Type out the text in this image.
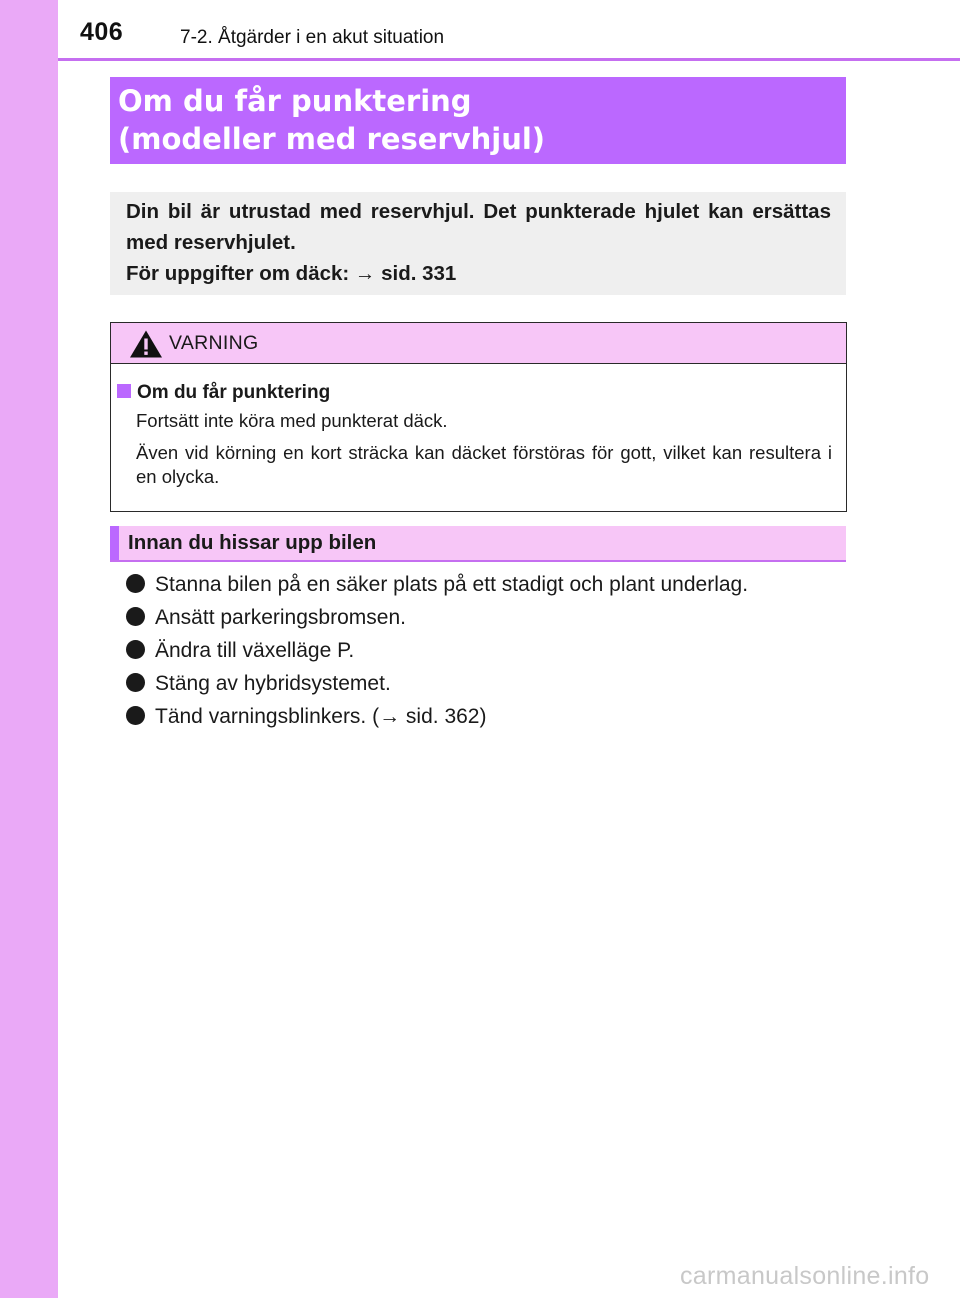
406	7-2. Åtgärder i en akut situation
Om du får punktering
(modeller med reservhjul)
Din bil är utrustad med reservhjul. Det punkterade hjulet kan ersättas med reservhjulet.
För uppgifter om däck: → sid. 331
VARNING
Om du får punktering
Fortsätt inte köra med punkterat däck.
Även vid körning en kort sträcka kan däcket förstöras för gott, vilket kan resultera i en olycka.
Innan du hissar upp bilen
Stanna bilen på en säker plats på ett stadigt och plant underlag.
Ansätt parkeringsbromsen.
Ändra till växelläge P.
Stäng av hybridsystemet.
Tänd varningsblinkers. (→ sid. 362)
carmanualsonline.info
